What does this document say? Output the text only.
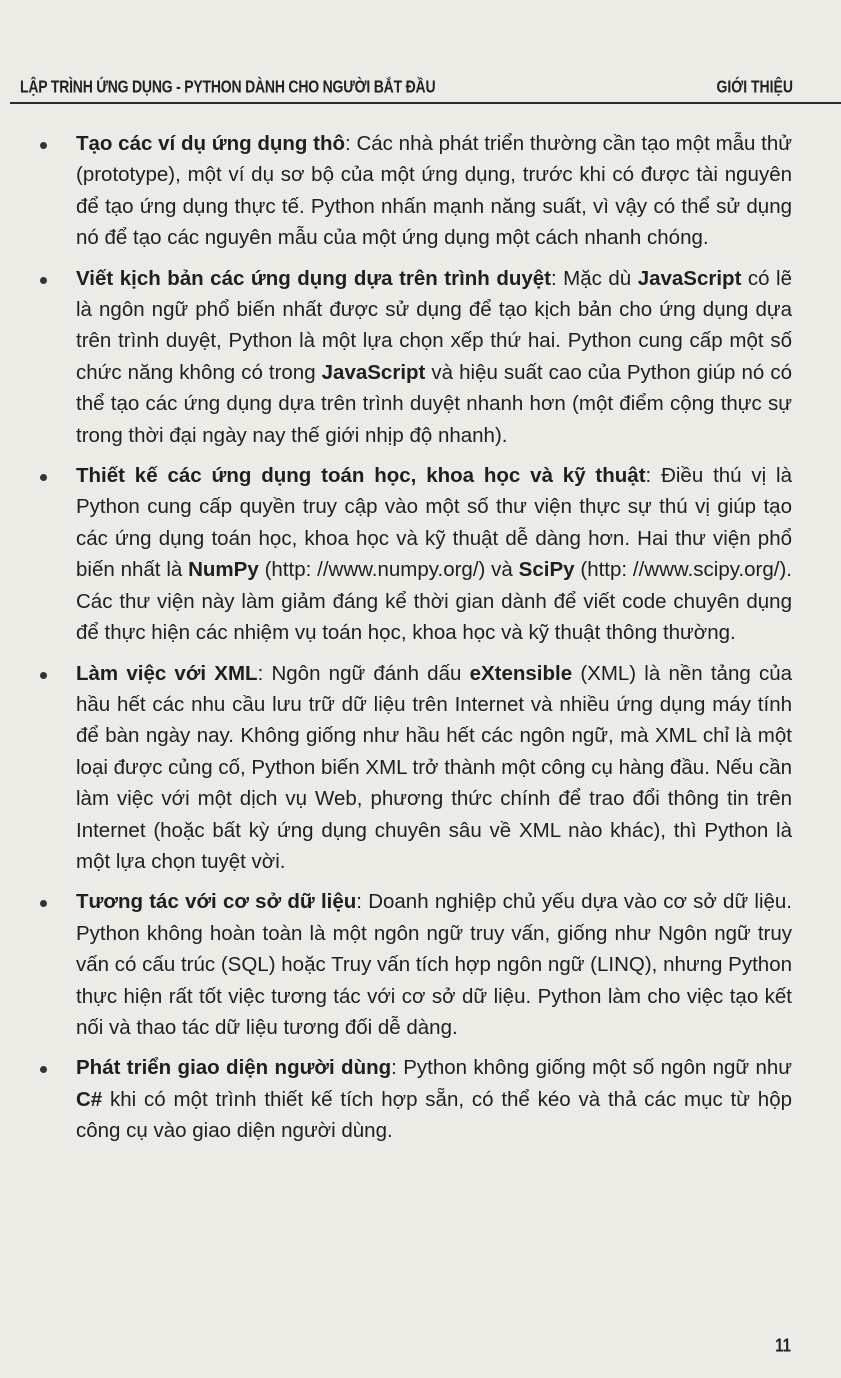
LẬP TRÌNH ỨNG DỤNG - PYTHON DÀNH CHO NGƯỜI BẮT ĐẦU	GIỚI THIỆU
Tạo các ví dụ ứng dụng thô: Các nhà phát triển thường cần tạo một mẫu thử (prototype), một ví dụ sơ bộ của một ứng dụng, trước khi có được tài nguyên để tạo ứng dụng thực tế. Python nhấn mạnh năng suất, vì vậy có thể sử dụng nó để tạo các nguyên mẫu của một ứng dụng một cách nhanh chóng.
Viết kịch bản các ứng dụng dựa trên trình duyệt: Mặc dù JavaScript có lẽ là ngôn ngữ phổ biến nhất được sử dụng để tạo kịch bản cho ứng dụng dựa trên trình duyệt, Python là một lựa chọn xếp thứ hai. Python cung cấp một số chức năng không có trong JavaScript và hiệu suất cao của Python giúp nó có thể tạo các ứng dụng dựa trên trình duyệt nhanh hơn (một điểm cộng thực sự trong thời đại ngày nay thế giới nhịp độ nhanh).
Thiết kế các ứng dụng toán học, khoa học và kỹ thuật: Điều thú vị là Python cung cấp quyền truy cập vào một số thư viện thực sự thú vị giúp tạo các ứng dụng toán học, khoa học và kỹ thuật dễ dàng hơn. Hai thư viện phổ biến nhất là NumPy (http: //www.numpy.org/) và SciPy (http: //www.scipy.org/). Các thư viện này làm giảm đáng kể thời gian dành để viết code chuyên dụng để thực hiện các nhiệm vụ toán học, khoa học và kỹ thuật thông thường.
Làm việc với XML: Ngôn ngữ đánh dấu eXtensible (XML) là nền tảng của hầu hết các nhu cầu lưu trữ dữ liệu trên Internet và nhiều ứng dụng máy tính để bàn ngày nay. Không giống như hầu hết các ngôn ngữ, mà XML chỉ là một loại được củng cố, Python biến XML trở thành một công cụ hàng đầu. Nếu cần làm việc với một dịch vụ Web, phương thức chính để trao đổi thông tin trên Internet (hoặc bất kỳ ứng dụng chuyên sâu về XML nào khác), thì Python là một lựa chọn tuyệt vời.
Tương tác với cơ sở dữ liệu: Doanh nghiệp chủ yếu dựa vào cơ sở dữ liệu. Python không hoàn toàn là một ngôn ngữ truy vấn, giống như Ngôn ngữ truy vấn có cấu trúc (SQL) hoặc Truy vấn tích hợp ngôn ngữ (LINQ), nhưng Python thực hiện rất tốt việc tương tác với cơ sở dữ liệu. Python làm cho việc tạo kết nối và thao tác dữ liệu tương đối dễ dàng.
Phát triển giao diện người dùng: Python không giống một số ngôn ngữ như C# khi có một trình thiết kế tích hợp sẵn, có thể kéo và thả các mục từ hộp công cụ vào giao diện người dùng.
11
